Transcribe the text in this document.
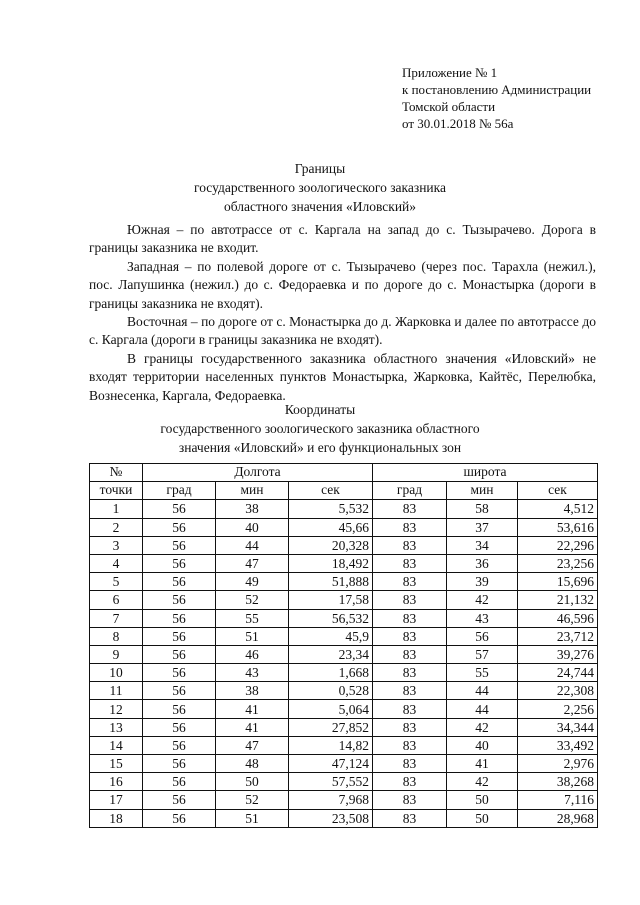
Приложение № 1
к постановлению Администрации
Томской области
от 30.01.2018 № 56а
Границы
государственного зоологического заказника
областного значения «Иловский»

Южная – по автотрассе от с. Каргала на запад до с. Тызырачево. Дорога в границы заказника не входит.

Западная – по полевой дороге от с. Тызырачево (через пос. Тарахла (нежил.), пос. Лапушинка (нежил.) до с. Федораевка и по дороге до с. Монастырка (дороги в границы заказника не входят).

Восточная – по дороге от с. Монастырка до д. Жарковка и далее по автотрассе до с. Каргала (дороги в границы заказника не входят).

В границы государственного заказника областного значения «Иловский» не входят территории населенных пунктов Монастырка, Жарковка, Кайтёс, Перелюбка, Вознесенка, Каргала, Федораевка.

Координаты
государственного зоологического заказника областного
значения «Иловский» и его функциональных зон
№	Долгота			широта		
точки	град	мин	сек	град	мин	сек
1	56	38	5,532	83	58	4,512
2	56	40	45,66	83	37	53,616
3	56	44	20,328	83	34	22,296
4	56	47	18,492	83	36	23,256
5	56	49	51,888	83	39	15,696
6	56	52	17,58	83	42	21,132
7	56	55	56,532	83	43	46,596
8	56	51	45,9	83	56	23,712
9	56	46	23,34	83	57	39,276
10	56	43	1,668	83	55	24,744
11	56	38	0,528	83	44	22,308
12	56	41	5,064	83	44	2,256
13	56	41	27,852	83	42	34,344
14	56	47	14,82	83	40	33,492
15	56	48	47,124	83	41	2,976
16	56	50	57,552	83	42	38,268
17	56	52	7,968	83	50	7,116
18	56	51	23,508	83	50	28,968
